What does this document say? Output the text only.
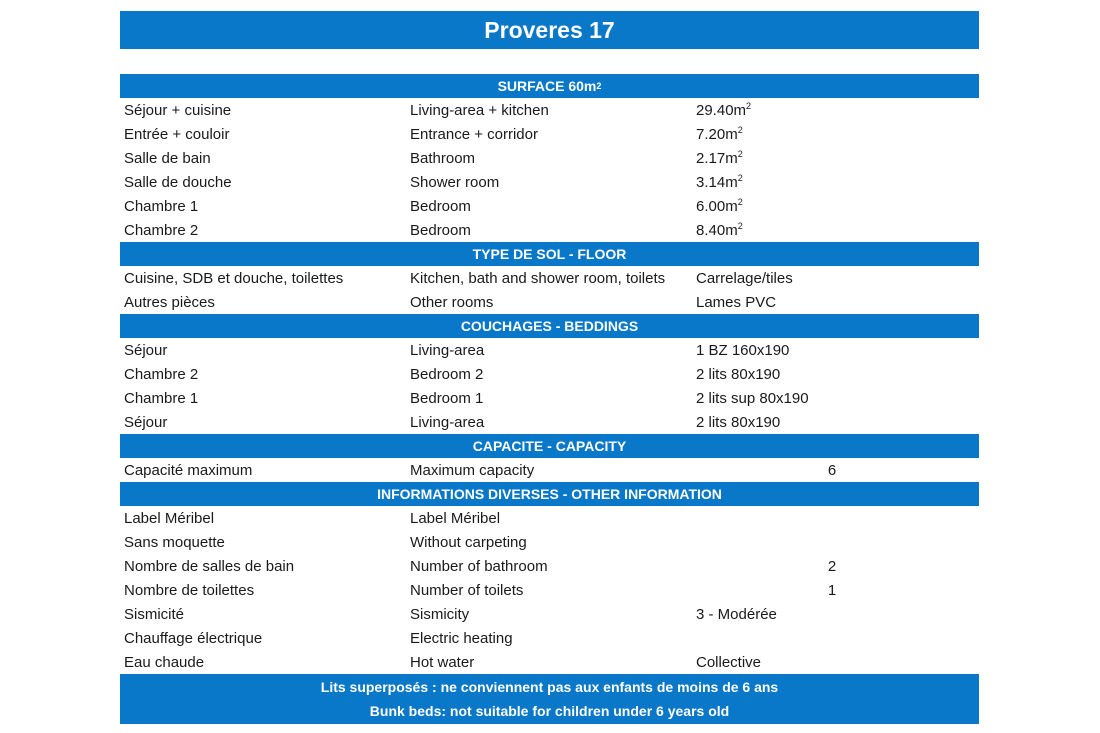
Proveres 17
SURFACE 60m 2
Séjour + cuisine	Living-area + kitchen	$29.40m^2$
Entrée + couloir	Entrance + corridor	$7.20m^2$
Salle de bain	Bathroom	$2.17m^2$
Salle de douche	Shower room	$3.14m^2$
Chambre 1	Bedroom	$6.00m^2$
Chambre 2	Bedroom	$8.40m^2$
TYPE DE SOL - FLOOR
Cuisine, SDB et douche, toilettes	Kitchen, bath and shower room, toilets	Carrelage/tiles
Autres pièces	Other rooms	Lames PVC
COUCHAGES - BEDDINGS
Séjour	Living-area	1 BZ 160x190
Chambre 2	Bedroom 2	2 lits 80x190
Chambre 1	Bedroom 1	2 lits sup 80x190
Séjour	Living-area	2 lits 80x190
CAPACITE - CAPACITY
Capacité maximum	Maximum capacity	6
INFORMATIONS DIVERSES - OTHER INFORMATION
Label Méribel	Label Méribel
Sans moquette	Without carpeting
Nombre de salles de bain	Number of bathroom	2
Nombre de toilettes	Number of toilets	1
Sismicité	Sismicity	3 - Modérée
Chauffage électrique	Electric heating
Eau chaude	Hot water	Collective
Lits superposés : ne conviennent pas aux enfants de moins de 6 ans
Bunk beds: not suitable for children under 6 years old
